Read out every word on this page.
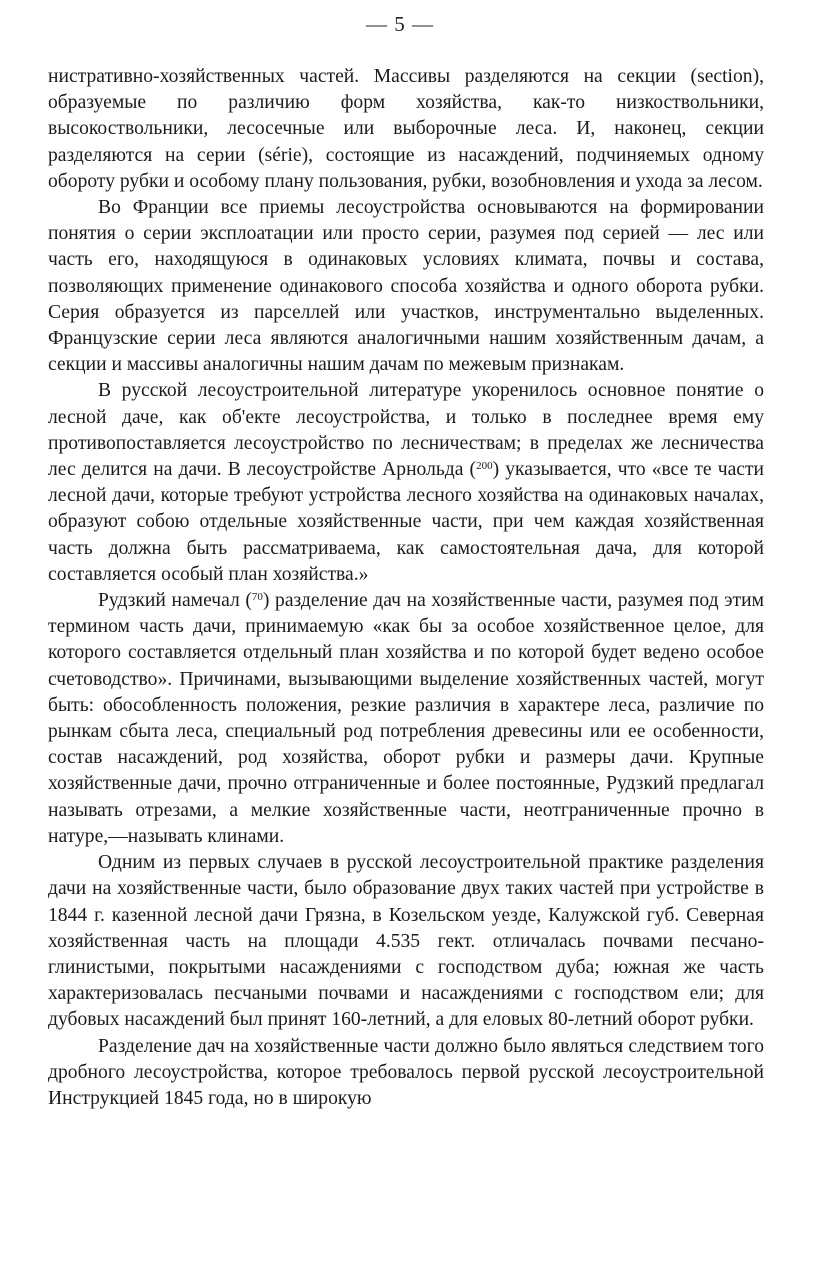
— 5 —

нистративно-хозяйственных частей. Массивы разделяются на секции (section), образуемые по различию форм хозяйства, как-то низкоствольники, высокоствольники, лесосечные или выборочные леса. И, наконец, секции разделяются на серии (série), состоящие из насаждений, подчиняемых одному обороту рубки и особому плану пользования, рубки, возобновления и ухода за лесом.

Во Франции все приемы лесоустройства основываются на формировании понятия о серии эксплоатации или просто серии, разумея под серией — лес или часть его, находящуюся в одинаковых условиях климата, почвы и состава, позволяющих применение одинакового способа хозяйства и одного оборота рубки. Серия образуется из парселлей или участков, инструментально выделенных. Французские серии леса являются аналогичными нашим хозяйственным дачам, а секции и массивы аналогичны нашим дачам по межевым признакам.

В русской лесоустроительной литературе укоренилось основное понятие о лесной даче, как об'екте лесоустройства, и только в последнее время ему противопоставляется лесоустройство по лесничествам; в пределах же лесничества лес делится на дачи. В лесоустройстве Арнольда ($^{200}$) указывается, что «все те части лесной дачи, которые требуют устройства лесного хозяйства на одинаковых началах, образуют собою отдельные хозяйственные части, при чем каждая хозяйственная часть должна быть рассматриваема, как самостоятельная дача, для которой составляется особый план хозяйства.»

Рудзкий намечал ($^{70}$) разделение дач на хозяйственные части, разумея под этим термином часть дачи, принимаемую «как бы за особое хозяйственное целое, для которого составляется отдельный план хозяйства и по которой будет ведено особое счетоводство». Причинами, вызывающими выделение хозяйственных частей, могут быть: обособленность положения, резкие различия в характере леса, различие по рынкам сбыта леса, специальный род потребления древесины или ее особенности, состав насаждений, род хозяйства, оборот рубки и размеры дачи. Крупные хозяйственные дачи, прочно отграниченные и более постоянные, Рудзкий предлагал называть отрезами, а мелкие хозяйственные части, неотграниченные прочно в натуре,—называть клинами.

Одним из первых случаев в русской лесоустроительной практике разделения дачи на хозяйственные части, было образование двух таких частей при устройстве в 1844 г. казенной лесной дачи Грязна, в Козельском уезде, Калужской губ. Северная хозяйственная часть на площади 4.535 гект. отличалась почвами песчано-глинистыми, покрытыми насаждениями с господством дуба; южная же часть характеризовалась песчаными почвами и насаждениями с господством ели; для дубовых насаждений был принят 160-летний, а для еловых 80-летний оборот рубки.

Разделение дач на хозяйственные части должно было являться следствием того дробного лесоустройства, которое требовалось первой русской лесоустроительной Инструкцией 1845 года, но в широкую
